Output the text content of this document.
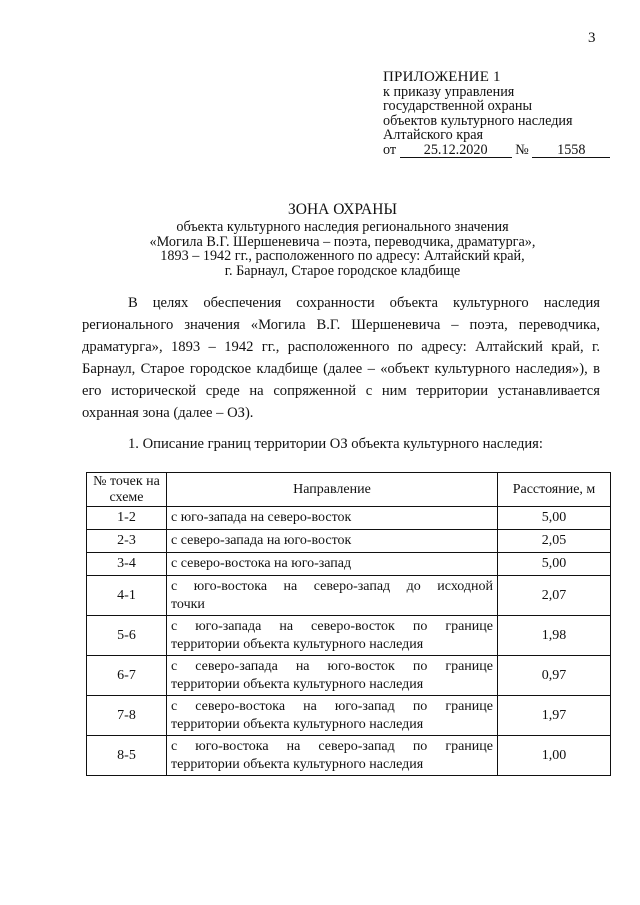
3
ПРИЛОЖЕНИЕ 1
к приказу управления
государственной охраны
объектов культурного наследия
Алтайского края
от 25.12.2020 № 1558
ЗОНА ОХРАНЫ
объекта культурного наследия регионального значения
«Могила В.Г. Шершеневича – поэта, переводчика, драматурга»,
1893 – 1942 гг., расположенного по адресу: Алтайский край,
г. Барнаул, Старое городское кладбище
В целях обеспечения сохранности объекта культурного наследия регионального значения «Могила В.Г. Шершеневича – поэта, переводчика, драматурга», 1893 – 1942 гг., расположенного по адресу: Алтайский край, г. Барнаул, Старое городское кладбище (далее – «объект культурного наследия»), в его исторической среде на сопряженной с ним территории устанавливается охранная зона (далее – ОЗ).
1. Описание границ территории ОЗ объекта культурного наследия:
№ точек на схеме	Направление	Расстояние, м
1-2	с юго-запада на северо-восток	5,00
2-3	с северо-запада на юго-восток	2,05
3-4	с северо-востока на юго-запад	5,00
4-1	с юго-востока на северо-запад до исходной
точки	2,07
5-6	с юго-запада на северо-восток по границе
территории объекта культурного наследия	1,98
6-7	с северо-запада на юго-восток по границе
территории объекта культурного наследия	0,97
7-8	с северо-востока на юго-запад по границе
территории объекта культурного наследия	1,97
8-5	с юго-востока на северо-запад по границе
территории объекта культурного наследия	1,00
